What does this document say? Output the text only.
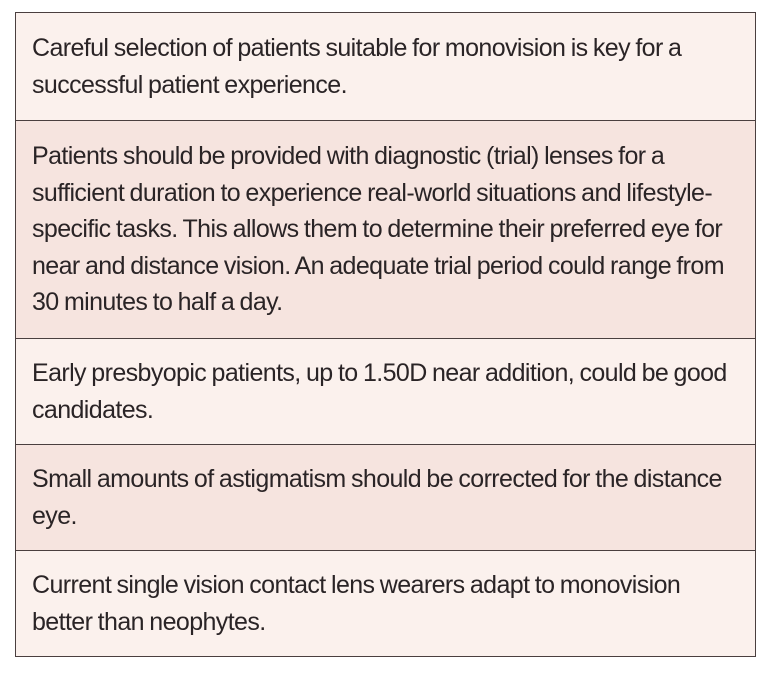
Careful selection of patients suitable for monovision is key for a successful patient experience.
Patients should be provided with diagnostic (trial) lenses for a sufficient duration to experience real-world situations and lifestyle-specific tasks. This allows them to determine their preferred eye for near and distance vision. An adequate trial period could range from 30 minutes to half a day.
Early presbyopic patients, up to 1.50D near addition, could be good candidates.
Small amounts of astigmatism should be corrected for the distance eye.
Current single vision contact lens wearers adapt to monovision better than neophytes.
